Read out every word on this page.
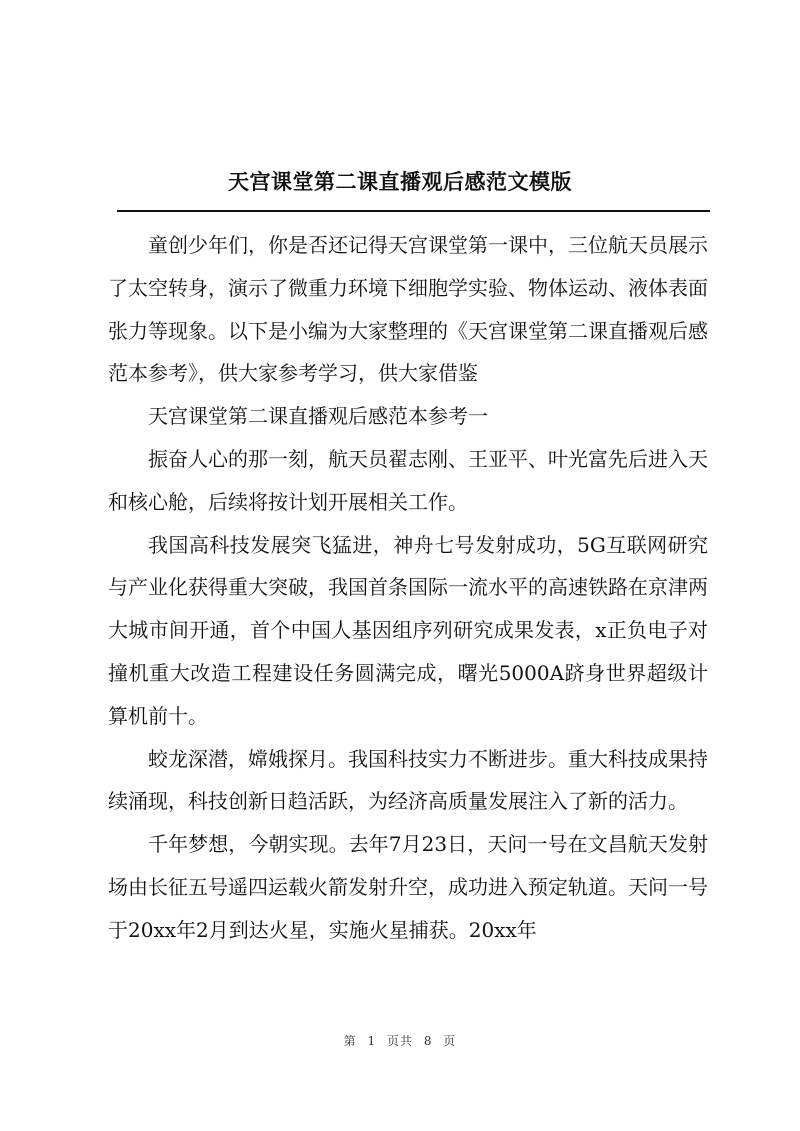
天宫课堂第二课直播观后感范文模版

童创少年们，你是否还记得天宫课堂第一课中，三位航天员展示了太空转身，演示了微重力环境下细胞学实验、物体运动、液体表面张力等现象。以下是小编为大家整理的《天宫课堂第二课直播观后感范本参考》，供大家参考学习，供大家借鉴

天宫课堂第二课直播观后感范本参考一

振奋人心的那一刻，航天员翟志刚、王亚平、叶光富先后进入天和核心舱，后续将按计划开展相关工作。

我国高科技发展突飞猛进，神舟七号发射成功，5G互联网研究与产业化获得重大突破，我国首条国际一流水平的高速铁路在京津两大城市间开通，首个中国人基因组序列研究成果发表，x正负电子对撞机重大改造工程建设任务圆满完成，曙光5000A跻身世界超级计算机前十。

蛟龙深潜，嫦娥探月。我国科技实力不断进步。重大科技成果持续涌现，科技创新日趋活跃，为经济高质量发展注入了新的活力。

千年梦想，今朝实现。去年7月23日，天问一号在文昌航天发射场由长征五号遥四运载火箭发射升空，成功进入预定轨道。天问一号于20xx年2月到达火星，实施火星捕获。20xx年

第 1 页共 8 页
